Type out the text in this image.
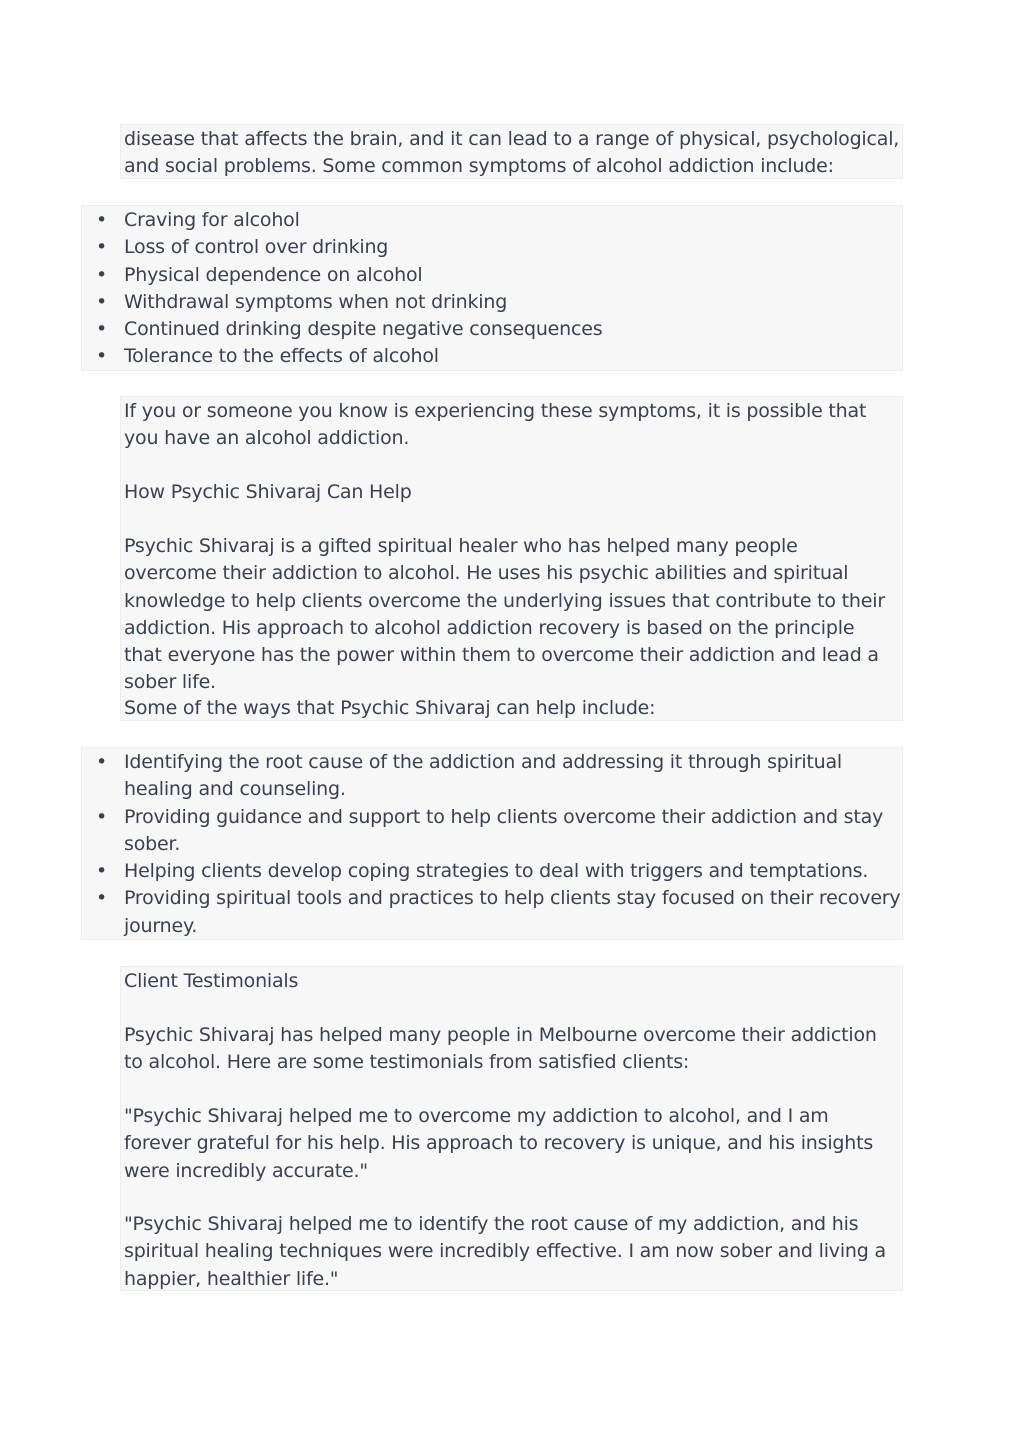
disease that affects the brain, and it can lead to a range of physical, psychological,

and social problems. Some common symptoms of alcohol addiction include:

• Craving for alcohol
• Loss of control over drinking
• Physical dependence on alcohol
• Withdrawal symptoms when not drinking
• Continued drinking despite negative consequences
• Tolerance to the effects of alcohol

If you or someone you know is experiencing these symptoms, it is possible that you have an alcohol addiction.

How Psychic Shivaraj Can Help

Psychic Shivaraj is a gifted spiritual healer who has helped many people overcome their addiction to alcohol. He uses his psychic abilities and spiritual knowledge to help clients overcome the underlying issues that contribute to their addiction. His approach to alcohol addiction recovery is based on the principle that everyone has the power within them to overcome their addiction and lead a sober life.

Some of the ways that Psychic Shivaraj can help include:

• Identifying the root cause of the addiction and addressing it through spiritual healing and counseling.
• Providing guidance and support to help clients overcome their addiction and stay sober.
• Helping clients develop coping strategies to deal with triggers and temptations.
• Providing spiritual tools and practices to help clients stay focused on their recovery journey.

Client Testimonials

Psychic Shivaraj has helped many people in Melbourne overcome their addiction to alcohol. Here are some testimonials from satisfied clients:

"Psychic Shivaraj helped me to overcome my addiction to alcohol, and I am forever grateful for his help. His approach to recovery is unique, and his insights were incredibly accurate."

"Psychic Shivaraj helped me to identify the root cause of my addiction, and his spiritual healing techniques were incredibly effective. I am now sober and living a happier, healthier life."
